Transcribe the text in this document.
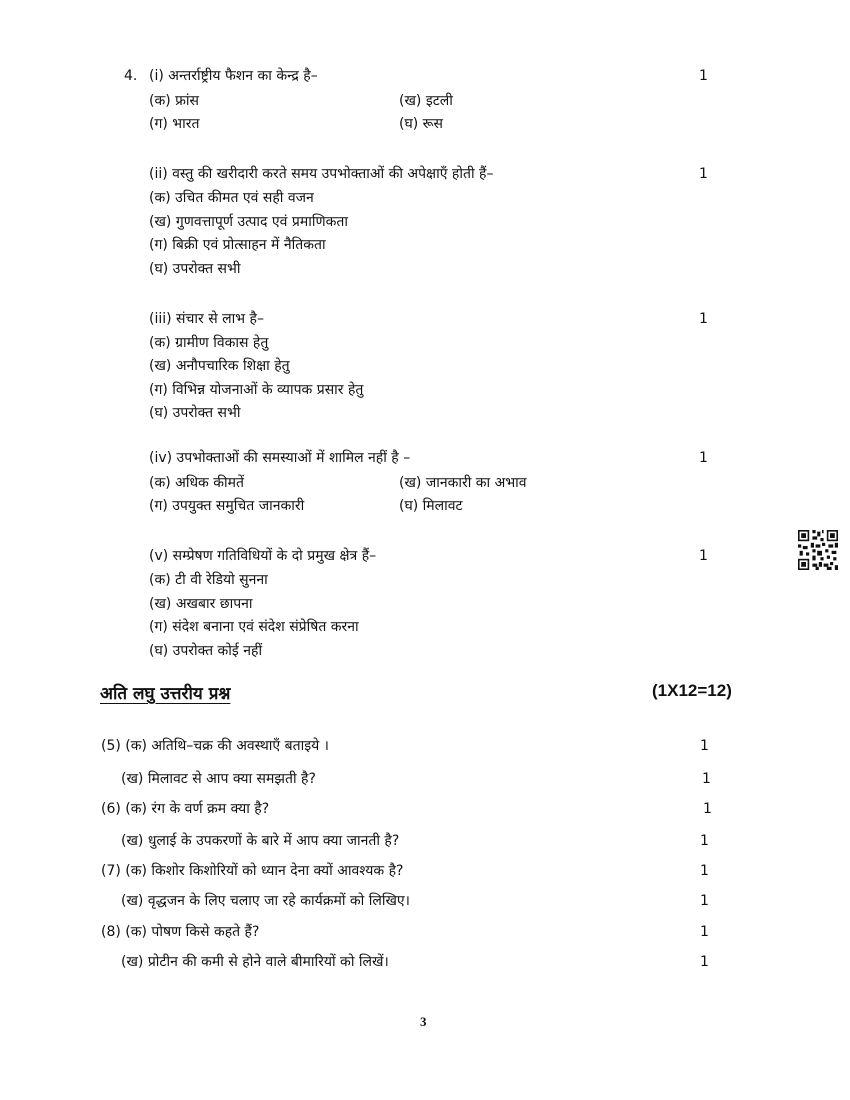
4. (i) अन्तर्राष्ट्रीय फैशन का केन्द्र है–	1
(क) फ्रांस	(ख) इटली
(ग) भारत	(घ) रूस
(ii) वस्तु की खरीदारी करते समय उपभोक्ताओं की अपेक्षाएँ होती हैं–	1
(क) उचित कीमत एवं सही वजन
(ख) गुणवत्तापूर्ण उत्पाद एवं प्रमाणिकता
(ग) बिक्री एवं प्रोत्साहन में नैतिकता
(घ) उपरोक्त सभी
(iii) संचार से लाभ है–	1
(क) ग्रामीण विकास हेतु
(ख) अनौपचारिक शिक्षा हेतु
(ग) विभिन्न योजनाओं के व्यापक प्रसार हेतु
(घ) उपरोक्त सभी
(iv) उपभोक्ताओं की समस्याओं में शामिल नहीं है –	1
(क) अधिक कीमतें	(ख) जानकारी का अभाव
(ग) उपयुक्त समुचित जानकारी	(घ) मिलावट
(v) सम्प्रेषण गतिविधियों के दो प्रमुख क्षेत्र हैं–	1
(क) टी वी रेडियो सुनना
(ख) अखबार छापना
(ग) संदेश बनाना एवं संदेश संप्रेषित करना
(घ) उपरोक्त कोई नहीं
अति लघु उत्तरीय प्रश्न	(1X12=12)
(5) (क) अतिथि–चक्र की अवस्थाएँ बताइये ।	1
(ख) मिलावट से आप क्या समझती है?	1
(6) (क) रंग के वर्ण क्रम क्या है?	1
(ख) धुलाई के उपकरणों के बारे में आप क्या जानती है?	1
(7) (क) किशोर किशोरियों को ध्यान देना क्यों आवश्यक है?	1
(ख) वृद्धजन के लिए चलाए जा रहे कार्यक्रमों को लिखिए।	1
(8) (क) पोषण किसे कहते हैं?	1
(ख) प्रोटीन की कमी से होने वाले बीमारियों को लिखें।	1
3
